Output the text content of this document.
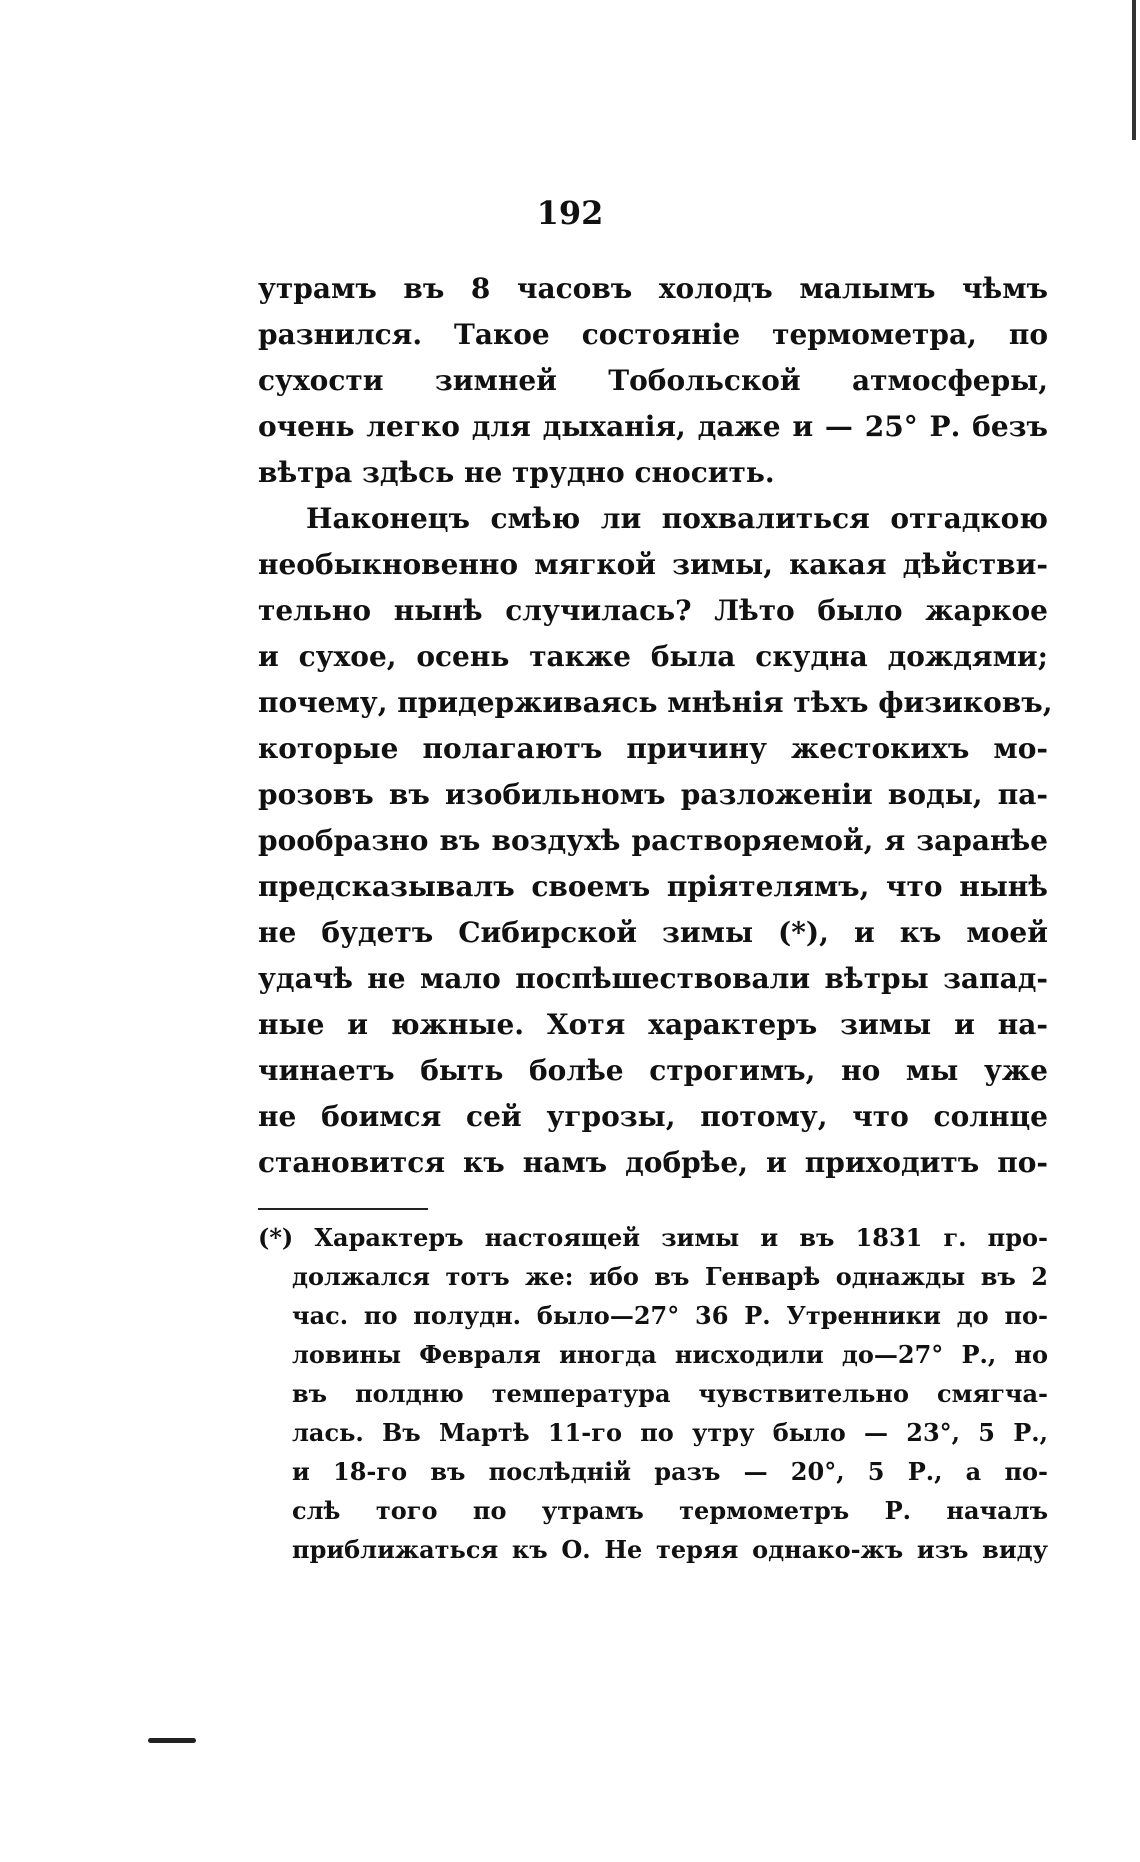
192
утрамъ въ 8 часовъ холодъ малымъ чѣмъ
разнился. Такое состояніе термометра, по
сухости зимней Тобольской атмосферы,
очень легко для дыханія, даже и — 25° Р. безъ
вѣтра здѣсь не трудно сносить.
Наконецъ смѣю ли похвалиться отгадкою
необыкновенно мягкой зимы, какая дѣйстви-
тельно нынѣ случилась? Лѣто было жаркое
и сухое, осень также была скудна дождями;
почему, придерживаясь мнѣнія тѣхъ физиковъ,
которые полагаютъ причину жестокихъ мо-
розовъ въ изобильномъ разложеніи воды, па-
рообразно въ воздухѣ растворяемой, я заранѣе
предсказывалъ своемъ пріятелямъ, что нынѣ
не будетъ Сибирской зимы (*), и къ моей
удачѣ не мало поспѣшествовали вѣтры запад-
ные и южные. Хотя характеръ зимы и на-
чинаетъ быть болѣе строгимъ, но мы уже
не боимся сей угрозы, потому, что солнце
становится къ намъ добрѣе, и приходитъ по-
(*) Характеръ настоящей зимы и въ 1831 г. про-
должался тотъ же: ибо въ Генварѣ однажды въ 2
час. по полудн. было—27° 36 Р. Утренники до по-
ловины Февраля иногда нисходили до—27° Р., но
въ полдню температура чувствительно смягча-
лась. Въ Мартѣ 11-го по утру было — 23°, 5 Р.,
и 18-го въ послѣдній разъ — 20°, 5 Р., а по-
слѣ того по утрамъ термометръ Р. началъ
приближаться къ О. Не теряя однако-жъ изъ виду
